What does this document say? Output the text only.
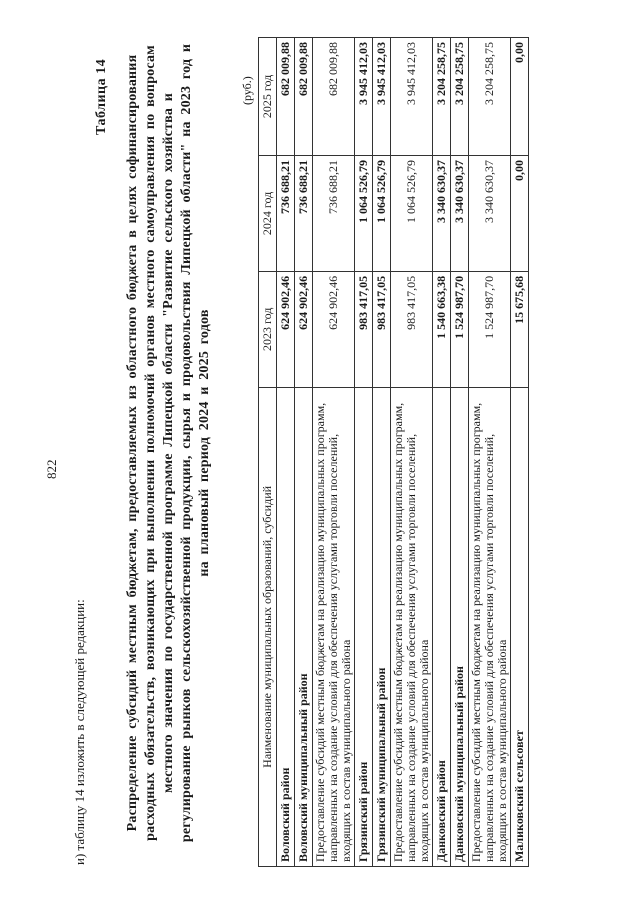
822
и) таблицу 14 изложить в следующей редакции:
Таблица 14 Распределение субсидий местным бюджетам, предоставляемых из областного бюджета в целях софинансирования расходных обязательств, возникающих при выполнении полномочий органов местного самоуправления по вопросам местного значения по государственной программе Липецкой области "Развитие сельского хозяйства и регулирование рынков сельскохозяйственной продукции, сырья и продовольствия Липецкой области" на 2023 год и на плановый период 2024 и 2025 годов
(руб.)
Наименование муниципальных образований, субсидий	2023 год	2024 год	2025 год
Воловский район	624 902,46	736 688,21	682 009,88
Воловский муниципальный район	624 902,46	736 688,21	682 009,88
Предоставление субсидий местным бюджетам на реализацию муниципальных программ, направленных на создание условий для обеспечения услугами торговли поселений, входящих в состав муниципального района	624 902,46	736 688,21	682 009,88
Грязинский район	983 417,05	1 064 526,79	3 945 412,03
Грязинский муниципальный район	983 417,05	1 064 526,79	3 945 412,03
Предоставление субсидий местным бюджетам на реализацию муниципальных программ, направленных на создание условий для обеспечения услугами торговли поселений, входящих в состав муниципального района	983 417,05	1 064 526,79	3 945 412,03
Данковский район	1 540 663,38	3 340 630,37	3 204 258,75
Данковский муниципальный район	1 524 987,70	3 340 630,37	3 204 258,75
Предоставление субсидий местным бюджетам на реализацию муниципальных программ, направленных на создание условий для обеспечения услугами торговли поселений, входящих в состав муниципального района	1 524 987,70	3 340 630,37	3 204 258,75
Маликовский сельсовет	15 675,68	0,00	0,00
